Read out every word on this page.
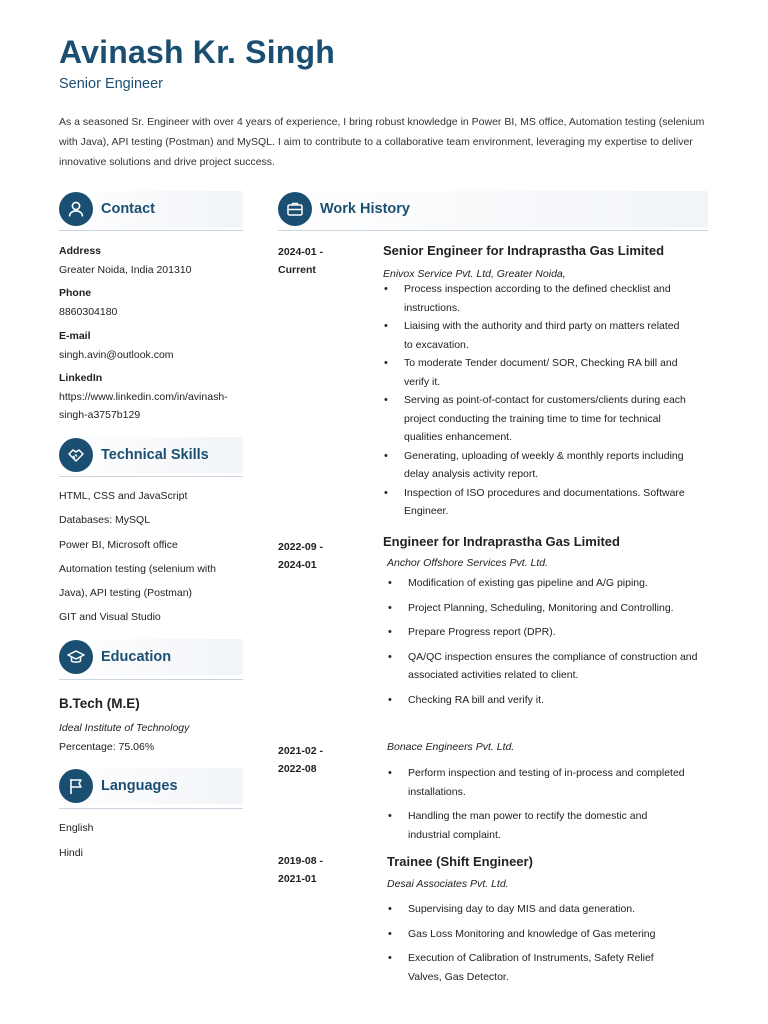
Avinash Kr. Singh
Senior Engineer

As a seasoned Sr. Engineer with over 4 years of experience, I bring robust knowledge in Power BI, MS office, Automation testing (selenium with Java), API testing (Postman) and MySQL. I aim to contribute to a collaborative team environment, leveraging my expertise to deliver innovative solutions and drive project success.

Contact
Address
Greater Noida, India 201310
Phone
8860304180
E-mail
singh.avin@outlook.com
LinkedIn
https://www.linkedin.com/in/avinash-
singh-a3757b129
Technical Skills
HTML, CSS and JavaScript
Databases: MySQL
Power BI, Microsoft office
Automation testing (selenium with
Java), API testing (Postman)
GIT and Visual Studio
Education
B.Tech (M.E)
Ideal Institute of Technology
Percentage: 75.06%
Languages
English
Hindi
Work History
2024-01 -
Current
Senior Engineer for Indraprastha Gas Limited
Enivox Service Pvt. Ltd, Greater Noida,
• Process inspection according to the defined checklist and
instructions.
• Liaising with the authority and third party on matters related
to excavation.
• To moderate Tender document/ SOR, Checking RA bill and
verify it.
• Serving as point-of-contact for customers/clients during each
project conducting the training time to time for technical
qualities enhancement.
• Generating, uploading of weekly & monthly reports including
delay analysis activity report.
• Inspection of ISO procedures and documentations. Software
Engineer.
2022-09 -
2024-01
Engineer for Indraprastha Gas Limited
Anchor Offshore Services Pvt. Ltd.
• Modification of existing gas pipeline and A/G piping.
• Project Planning, Scheduling, Monitoring and Controlling.
• Prepare Progress report (DPR).
• QA/QC inspection ensures the compliance of construction and
associated activities related to client.
• Checking RA bill and verify it.
2021-02 -
2022-08
Bonace Engineers Pvt. Ltd.
• Perform inspection and testing of in-process and completed
installations.
• Handling the man power to rectify the domestic and
industrial complaint.
2019-08 -
2021-01
Trainee (Shift Engineer)
Desai Associates Pvt. Ltd.
• Supervising day to day MIS and data generation.
• Gas Loss Monitoring and knowledge of Gas metering
• Execution of Calibration of Instruments, Safety Relief
Valves, Gas Detector.
